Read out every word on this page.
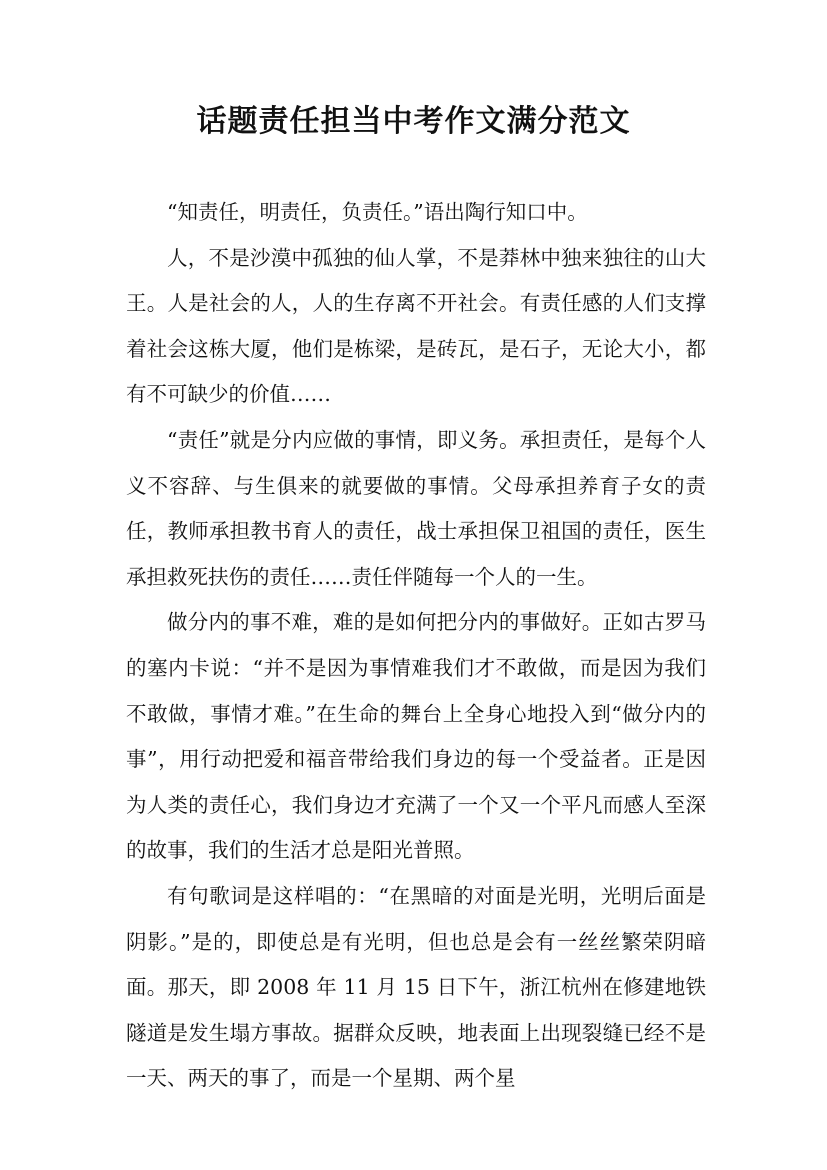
话题责任担当中考作文满分范文

“知责任，明责任，负责任。”语出陶行知口中。

人，不是沙漠中孤独的仙人掌，不是莽林中独来独往的山大王。人是社会的人，人的生存离不开社会。有责任感的人们支撑着社会这栋大厦，他们是栋梁，是砖瓦，是石子，无论大小，都有不可缺少的价值……

“责任”就是分内应做的事情，即义务。承担责任，是每个人义不容辞、与生俱来的就要做的事情。父母承担养育子女的责任，教师承担教书育人的责任，战士承担保卫祖国的责任，医生承担救死扶伤的责任……责任伴随每一个人的一生。

做分内的事不难，难的是如何把分内的事做好。正如古罗马的塞内卡说：“并不是因为事情难我们才不敢做，而是因为我们不敢做，事情才难。”在生命的舞台上全身心地投入到“做分内的事”，用行动把爱和福音带给我们身边的每一个受益者。正是因为人类的责任心，我们身边才充满了一个又一个平凡而感人至深的故事，我们的生活才总是阳光普照。

有句歌词是这样唱的：“在黑暗的对面是光明，光明后面是阴影。”是的，即使总是有光明，但也总是会有一丝丝繁荣阴暗面。那天，即 2008 年 11 月 15 日下午，浙江杭州在修建地铁隧道是发生塌方事故。据群众反映，地表面上出现裂缝已经不是一天、两天的事了，而是一个星期、两个星
